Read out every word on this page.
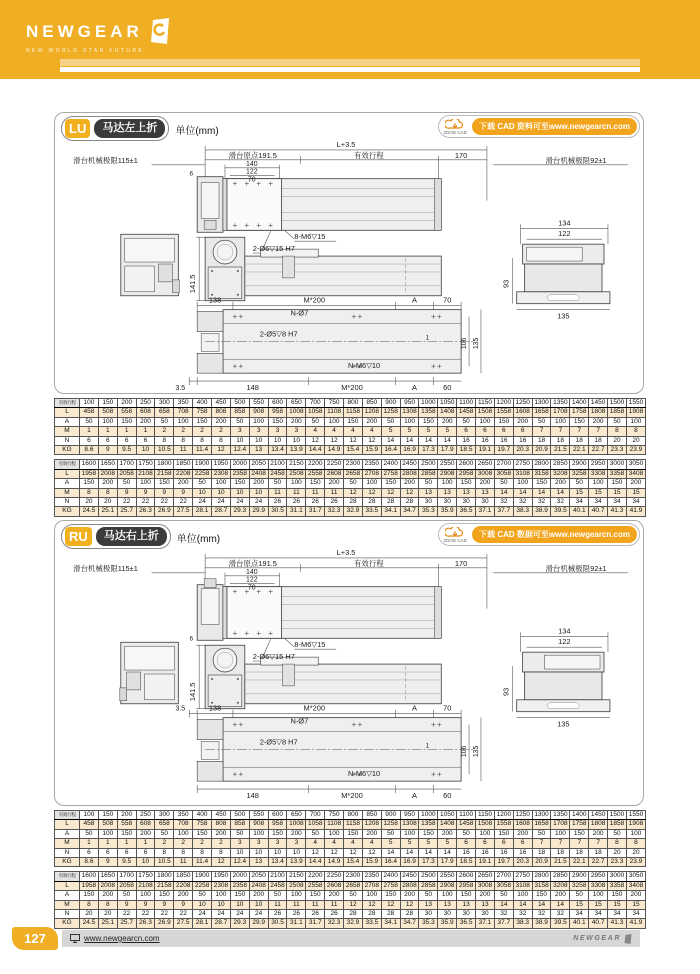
NEWGEAR
NEW WORLD STAR FUTURE
LU	马达左上折	单位(mm)	2D/3D CAD
下载 CAD 资料可至www.newgearcn.com
L+3.5
滑台原点191.5	有效行程	170
滑台机械极限115±1	滑台机械极限92±1
140
122
70
6
8-M6▽15
2-Ø6▽15 H7
141.5
134
122
93
135
138	M*200	A	70
N-Ø7
2-Ø5▽8 H7	1	106 135
N-M6▽10
3.5	148	M*200	A	60
有效行程	100	150	200	250	300	350	400	450	500	550	600	650	700	750	800	850	900	950	1000	1050	1100	1150	1200	1250	1300	1350	1400	1450	1500	1550
L	458	508	558	608	658	708	758	808	858	908	958	1008	1058	1108	1158	1208	1258	1308	1358	1408	1458	1508	1558	1608	1658	1708	1758	1808	1858	1908
A	50	100	150	200	50	100	150	200	50	100	150	200	50	100	150	200	50	100	150	200	50	100	150	200	50	100	150	200	50	100
M	1	1	1	1	2	2	2	2	3	3	3	3	4	4	4	4	5	5	5	5	6	6	6	6	7	7	7	7	8	8
N	6	6	6	6	8	8	8	8	10	10	10	10	12	12	12	12	14	14	14	14	16	16	16	16	18	18	18	18	20	20
KG	8.6	9	9.5	10	10.5	11	11.4	12	12.4	13	13.4	13.9	14.4	14.9	15.4	15.9	16.4	16.9	17.3	17.9	18.5	19.1	19.7	20.3	20.9	21.5	22.1	22.7	23.3	23.9
有效行程	1600	1650	1700	1750	1800	1850	1900	1950	2000	2050	2100	2150	2200	2250	2300	2350	2400	2450	2500	2550	2600	2650	2700	2750	2800	2850	2900	2950	3000	3050
L	1958	2008	2058	2108	2158	2208	2258	2308	2358	2408	2458	2508	2558	2608	2658	2708	2758	2808	2858	2908	2958	3008	3058	3108	3158	3208	3258	3308	3358	3408
A	150	200	50	100	150	200	50	100	150	200	50	100	150	200	50	100	150	200	50	100	150	200	50	100	150	200	50	100	150	200
M	8	8	9	9	9	9	10	10	10	10	11	11	11	11	12	12	12	12	13	13	13	13	14	14	14	14	15	15	15	15
N	20	20	22	22	22	22	24	24	24	24	26	26	26	26	28	28	28	28	30	30	30	30	32	32	32	32	34	34	34	34
KG	24.5	25.1	25.7	26.3	26.9	27.5	28.1	28.7	29.3	29.9	30.5	31.1	31.7	32.3	32.9	33.5	34.1	34.7	35.3	35.9	36.5	37.1	37.7	38.3	38.9	39.5	40.1	40.7	41.3	41.9
RU	马达右上折	单位(mm)	2D/3D CAD
下载 CAD 数据可至www.newgearcn.com
L+3.5
滑台原点191.5	有效行程	170
滑台机械极限115±1	滑台机械极限92±1
140
122
70
6
8-M6▽15
2-Ø6▽15 H7
141.5
134
122
93
135
3.5	138	M*200	A	70
N-Ø7
2-Ø5▽8 H7	1	106 135
N-M6▽10
148	M*200	A	60
有效行程	100	150	200	250	300	350	400	450	500	550	600	650	700	750	800	850	900	950	1000	1050	1100	1150	1200	1250	1300	1350	1400	1450	1500	1550
L	458	508	558	608	658	708	758	808	858	908	958	1008	1058	1108	1158	1208	1258	1308	1358	1408	1458	1508	1558	1608	1658	1708	1758	1808	1858	1908
A	50	100	150	200	50	100	150	200	50	100	150	200	50	100	150	200	50	100	150	200	50	100	150	200	50	100	150	200	50	100
M	1	1	1	1	2	2	2	2	3	3	3	3	4	4	4	4	5	5	5	5	6	6	6	6	7	7	7	7	8	8
N	6	6	6	6	8	8	8	8	10	10	10	10	12	12	12	12	14	14	14	14	16	16	16	16	18	18	18	18	20	20
KG	8.6	9	9.5	10	10.5	11	11.4	12	12.4	13	13.4	13.9	14.4	14.9	15.4	15.9	16.4	16.9	17.3	17.9	18.5	19.1	19.7	20.3	20.9	21.5	22.1	22.7	23.3	23.9
有效行程	1600	1650	1700	1750	1800	1850	1900	1950	2000	2050	2100	2150	2200	2250	2300	2350	2400	2450	2500	2550	2600	2650	2700	2750	2800	2850	2900	2950	3000	3050
L	1958	2008	2058	2108	2158	2208	2258	2308	2358	2408	2458	2508	2558	2608	2658	2708	2758	2808	2858	2908	2958	3008	3058	3108	3158	3208	3258	3308	3358	3408
A	150	200	50	100	150	200	50	100	150	200	50	100	150	200	50	100	150	200	50	100	150	200	50	100	150	200	50	100	150	200
M	8	8	9	9	9	9	10	10	10	10	11	11	11	11	12	12	12	12	13	13	13	13	14	14	14	14	15	15	15	15
N	20	20	22	22	22	22	24	24	24	24	26	26	26	26	28	28	28	28	30	30	30	30	32	32	32	32	34	34	34	34
KG	24.5	25.1	25.7	26.3	26.9	27.5	28.1	28.7	29.3	29.9	30.5	31.1	31.7	32.3	32.9	33.5	34.1	34.7	35.3	35.9	36.5	37.1	37.7	38.3	38.9	39.5	40.1	40.7	41.3	41.9
127	www.newgearcn.com	NEWGEAR
